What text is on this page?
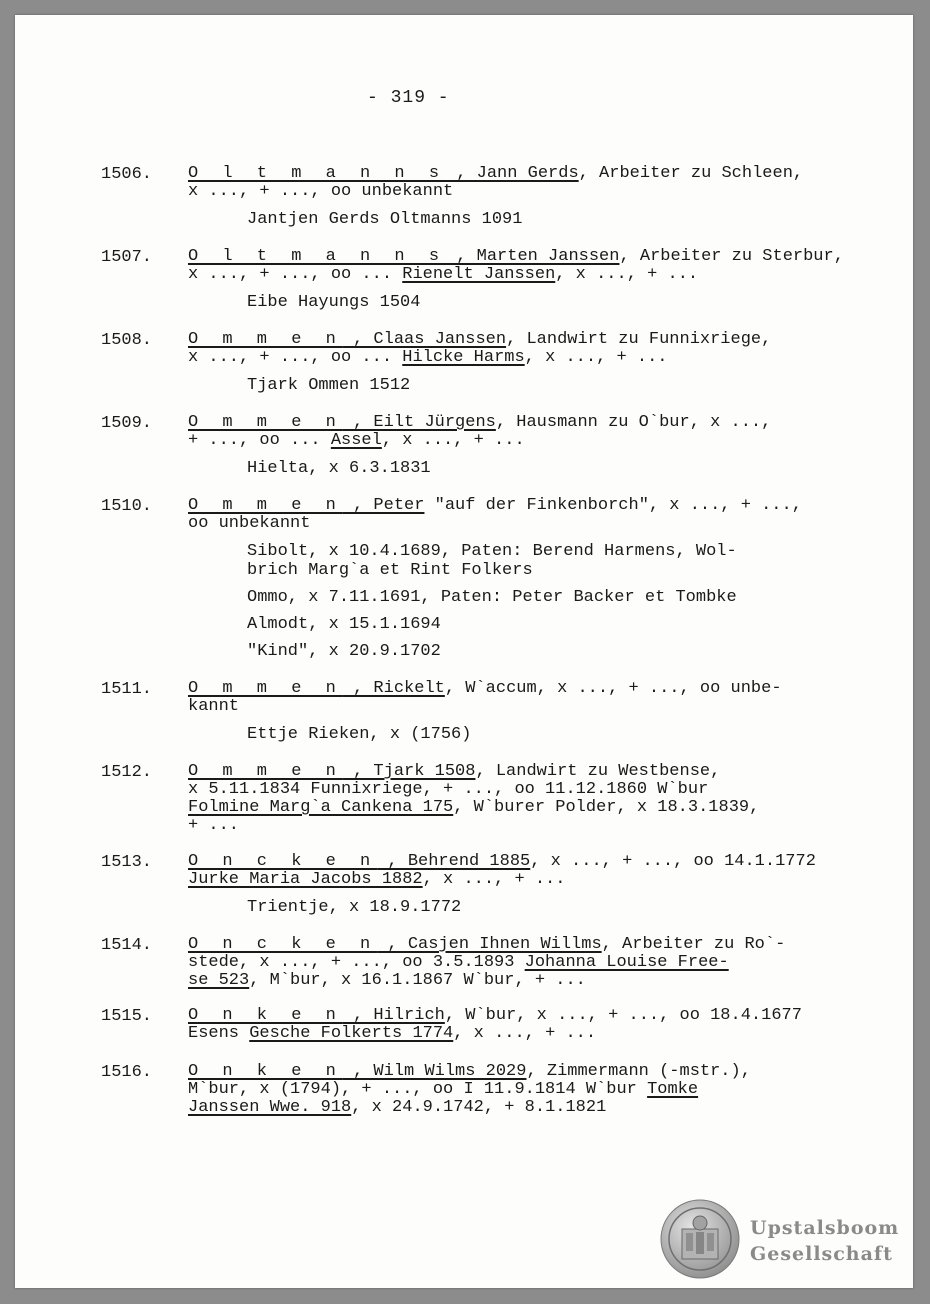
- 319 -
1506. O l t m a n n s , Jann Gerds, Arbeiter zu Schleen,
x ..., + ..., oo unbekannt
Jantjen Gerds Oltmanns 1091
1507. O l t m a n n s , Marten Janssen, Arbeiter zu Sterbur,
x ..., + ..., oo ... Rienelt Janssen, x ..., + ...
Eibe Hayungs 1504
1508. O m m e n , Claas Janssen, Landwirt zu Funnixriege,
x ..., + ..., oo ... Hilcke Harms, x ..., + ...
Tjark Ommen 1512
1509. O m m e n , Eilt Jürgens, Hausmann zu O`bur, x ...,
+ ..., oo ... Assel, x ..., + ...
Hielta, x 6.3.1831
1510. O m m e n , Peter "auf der Finkenborch", x ..., + ...,
oo unbekannt
Sibolt, x 10.4.1689, Paten: Berend Harmens, Wol-
brich Marg`a et Rint Folkers
Ommo, x 7.11.1691, Paten: Peter Backer et Tombke
Almodt, x 15.1.1694
"Kind", x 20.9.1702
1511. O m m e n , Rickelt, W`accum, x ..., + ..., oo unbe-
kannt
Ettje Rieken, x (1756)
1512. O m m e n , Tjark 1508, Landwirt zu Westbense,
x 5.11.1834 Funnixriege, + ..., oo 11.12.1860 W`bur
Folmine Marg`a Cankena 175, W`burer Polder, x 18.3.1839,
+ ...
1513. O n c k e n , Behrend 1885, x ..., + ..., oo 14.1.1772
Jurke Maria Jacobs 1882, x ..., + ...
Trientje, x 18.9.1772
1514. O n c k e n , Casjen Ihnen Willms, Arbeiter zu Ro`-
stede, x ..., + ..., oo 3.5.1893 Johanna Louise Free-
se 523, M`bur, x 16.1.1867 W`bur, + ...
1515. O n k e n , Hilrich, W`bur, x ..., + ..., oo 18.4.1677
Esens Gesche Folkerts 1774, x ..., + ...
1516. O n k e n , Wilm Wilms 2029, Zimmermann (-mstr.),
M`bur, x (1794), + ..., oo I 11.9.1814 W`bur Tomke
Janssen Wwe. 918, x 24.9.1742, + 8.1.1821
Upstalsboom
Gesellschaft
